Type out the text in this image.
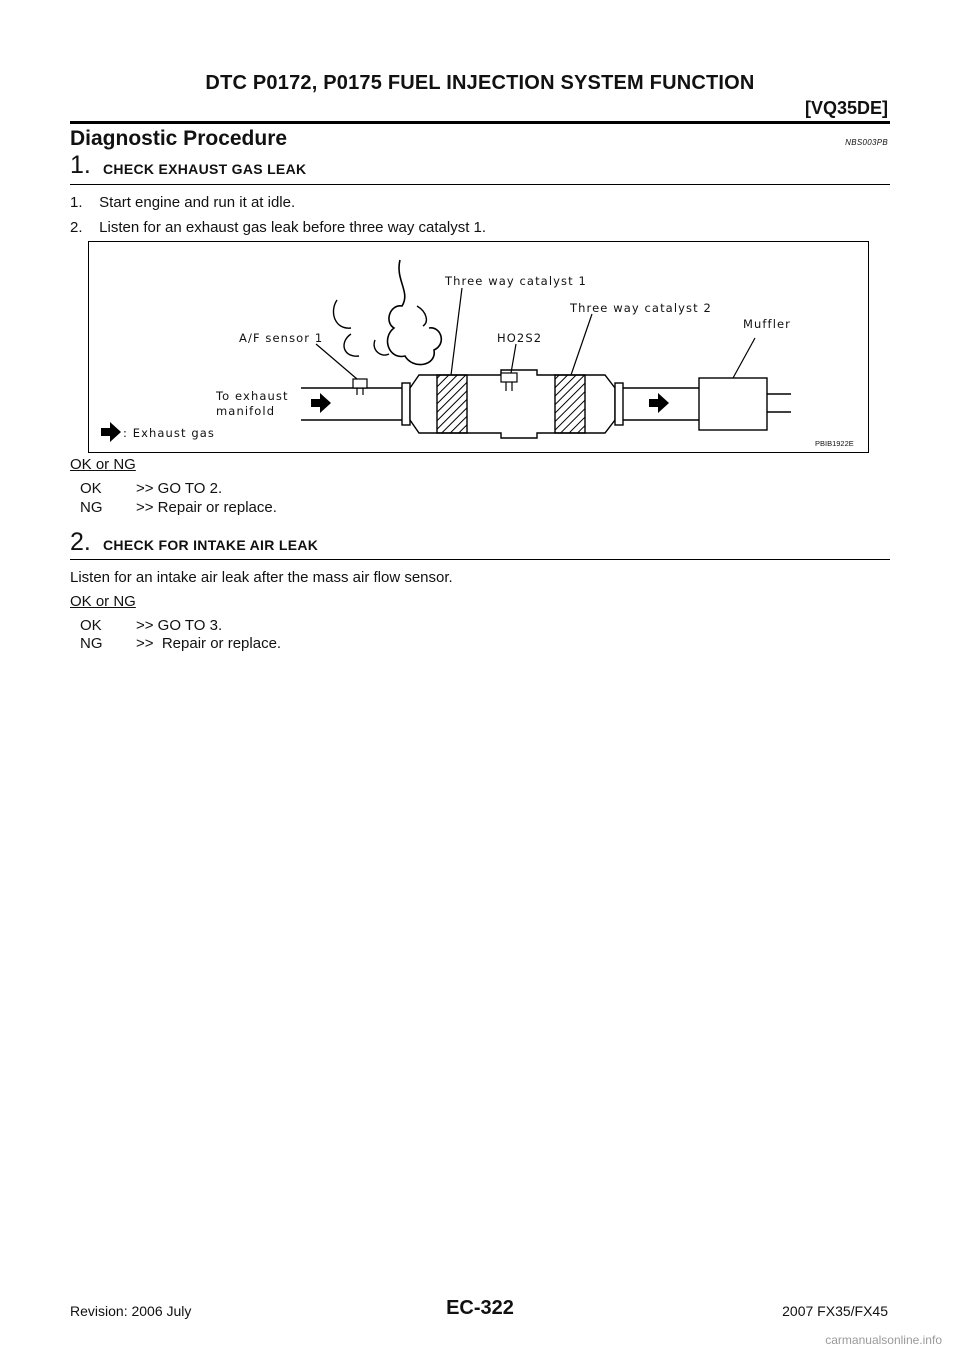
DTC P0172, P0175 FUEL INJECTION SYSTEM FUNCTION
[VQ35DE]
Diagnostic Procedure	NBS003PB
1. CHECK EXHAUST GAS LEAK
1.    Start engine and run it at idle.
2.    Listen for an exhaust gas leak before three way catalyst 1.
Three way catalyst 1
Three way catalyst 2
A/F sensor 1	HO2S2
Muffler
To exhaust
manifold
: Exhaust gas
PBIB1922E
OK or NG
OK >> GO TO 2.
NG >> Repair or replace.
2. CHECK FOR INTAKE AIR LEAK
Listen for an intake air leak after the mass air flow sensor.
OK or NG
OK >> GO TO 3.
NG >>  Repair or replace.
Revision: 2006 July	EC-322	2007 FX35/FX45
carmanualsonline.info
